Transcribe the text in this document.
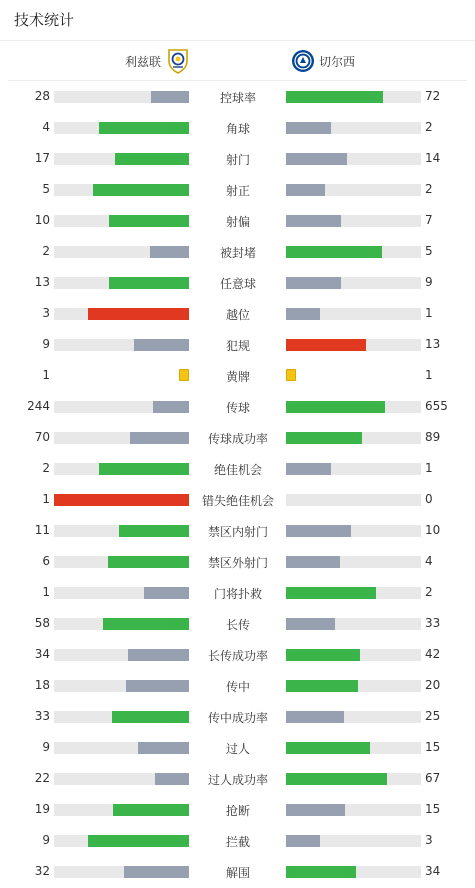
技术统计
利兹联	切尔西
28	控球率	72
4	角球	2
17	射门	14
5	射正	2
10	射偏	7
2	被封堵	5
13	任意球	9
3	越位	1
9	犯规	13
1	黄牌	1
244	传球	655
70	传球成功率	89
2	绝佳机会	1
1	错失绝佳机会	0
11	禁区内射门	10
6	禁区外射门	4
1	门将扑救	2
58	长传	33
34	长传成功率	42
18	传中	20
33	传中成功率	25
9	过人	15
22	过人成功率	67
19	抢断	15
9	拦截	3
32	解围	34
